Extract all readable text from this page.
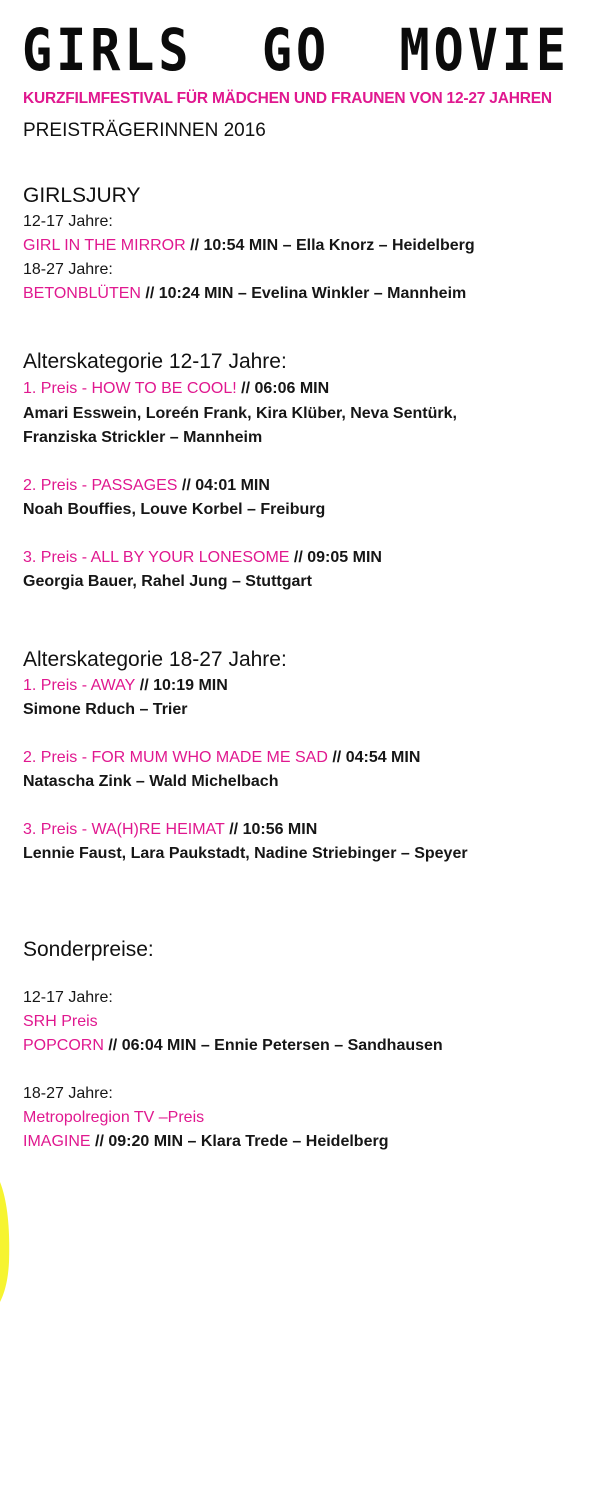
GIRLS GO MOVIE
KURZFILMFESTIVAL FÜR MÄDCHEN UND FRAUNEN VON 12-27 JAHREN
PREISTRÄGERINNEN 2016
GIRLSJURY
12-17 Jahre:
GIRL IN THE MIRROR // 10:54 MIN – Ella Knorz – Heidelberg
18-27 Jahre:
BETONBLÜTEN // 10:24 MIN – Evelina Winkler – Mannheim
Alterskategorie 12-17 Jahre:
1. Preis - HOW TO BE COOL! // 06:06 MIN
Amari Esswein, Loreén Frank, Kira Klüber, Neva Sentürk,
Franziska Strickler – Mannheim
2. Preis - PASSAGES // 04:01 MIN
Noah Bouffies, Louve Korbel – Freiburg
3. Preis - ALL BY YOUR LONESOME // 09:05 MIN
Georgia Bauer, Rahel Jung – Stuttgart
Alterskategorie 18-27 Jahre:
1. Preis - AWAY // 10:19 MIN
Simone Rduch – Trier
2. Preis - FOR MUM WHO MADE ME SAD // 04:54 MIN
Natascha Zink – Wald Michelbach
3. Preis - WA(H)RE HEIMAT // 10:56 MIN
Lennie Faust, Lara Paukstadt, Nadine Striebinger – Speyer
Sonderpreise:
12-17 Jahre:
SRH Preis
POPCORN // 06:04 MIN – Ennie Petersen – Sandhausen
18-27 Jahre:
Metropolregion TV –Preis
IMAGINE // 09:20 MIN – Klara Trede – Heidelberg
